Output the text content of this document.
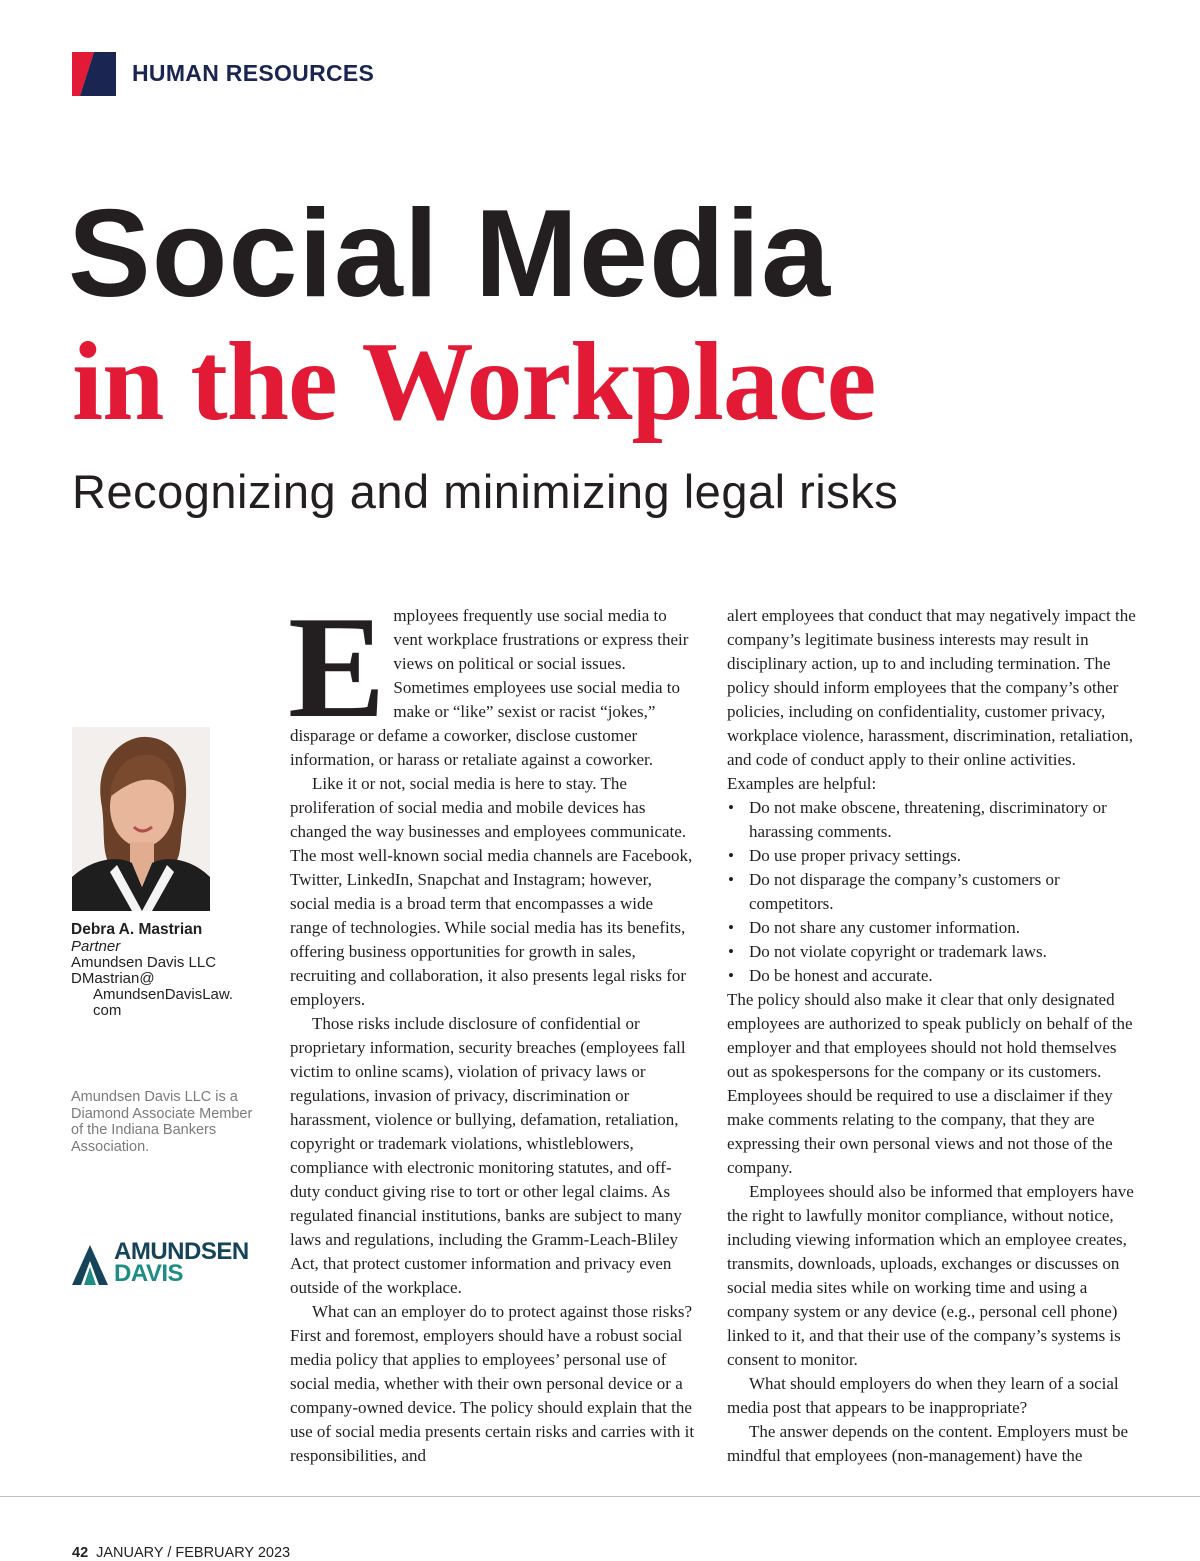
HUMAN RESOURCES
Social Media
in the Workplace
Recognizing and minimizing legal risks
Debra A. Mastrian
Partner
Amundsen Davis LLC
DMastrian@
AmundsenDavisLaw.
com
Amundsen Davis LLC is a Diamond Associate Member of the Indiana Bankers Association.
AMUNDSEN
DAVIS

Employees frequently use social media to vent workplace frustrations or express their views on political or social issues. Sometimes employees use social media to make or “like” sexist or racist “jokes,” disparage or defame a coworker, disclose customer information, or harass or retaliate against a coworker.

Like it or not, social media is here to stay. The proliferation of social media and mobile devices has changed the way businesses and employees communicate. The most well-known social media channels are Facebook, Twitter, LinkedIn, Snapchat and Instagram; however, social media is a broad term that encompasses a wide range of technologies. While social media has its benefits, offering business opportunities for growth in sales, recruiting and collaboration, it also presents legal risks for employers.

Those risks include disclosure of confidential or proprietary information, security breaches (employees fall victim to online scams), violation of privacy laws or regulations, invasion of privacy, discrimination or harassment, violence or bullying, defamation, retaliation, copyright or trademark violations, whistleblowers, compliance with electronic monitoring statutes, and off-duty conduct giving rise to tort or other legal claims. As regulated financial institutions, banks are subject to many laws and regulations, including the Gramm-Leach-Bliley Act, that protect customer information and privacy even outside of the workplace.

What can an employer do to protect against those risks? First and foremost, employers should have a robust social media policy that applies to employees’ personal use of social media, whether with their own personal device or a company-owned device. The policy should explain that the use of social media presents certain risks and carries with it responsibilities, and

alert employees that conduct that may negatively impact the company’s legitimate business interests may result in disciplinary action, up to and including termination. The policy should inform employees that the company’s other policies, including on confidentiality, customer privacy, workplace violence, harassment, discrimination, retaliation, and code of conduct apply to their online activities. Examples are helpful:

• Do not make obscene, threatening, discriminatory or harassing comments.
• Do use proper privacy settings.
• Do not disparage the company’s customers or competitors.
• Do not share any customer information.
• Do not violate copyright or trademark laws.
• Do be honest and accurate.

The policy should also make it clear that only designated employees are authorized to speak publicly on behalf of the employer and that employees should not hold themselves out as spokespersons for the company or its customers. Employees should be required to use a disclaimer if they make comments relating to the company, that they are expressing their own personal views and not those of the company.

Employees should also be informed that employers have the right to lawfully monitor compliance, without notice, including viewing information which an employee creates, transmits, downloads, uploads, exchanges or discusses on social media sites while on working time and using a company system or any device (e.g., personal cell phone) linked to it, and that their use of the company’s systems is consent to monitor.

What should employers do when they learn of a social media post that appears to be inappropriate?

The answer depends on the content. Employers must be mindful that employees (non-management) have the

42 JANUARY / FEBRUARY 2023
